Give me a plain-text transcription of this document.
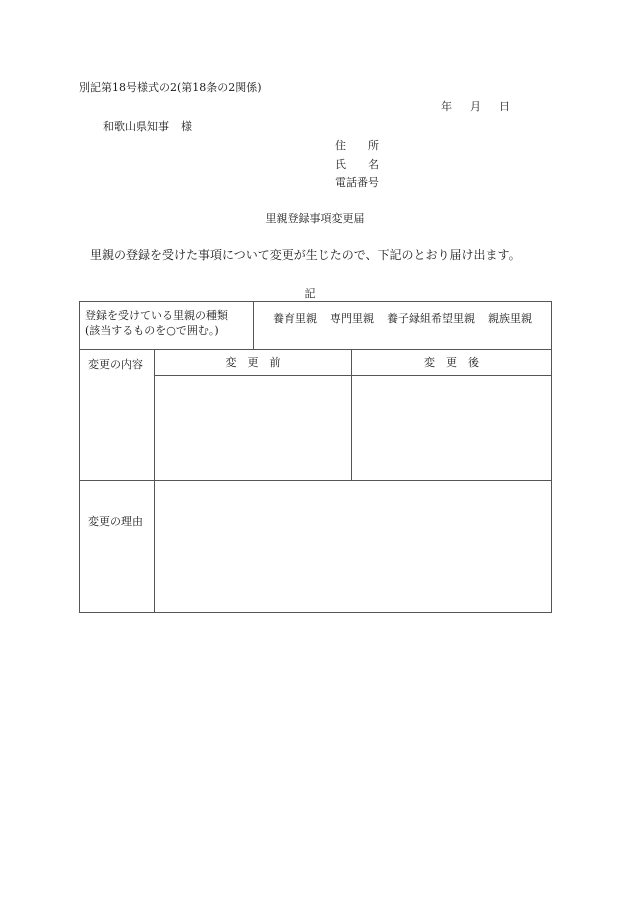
別記第18号様式の2(第18条の2関係)
年 月 日
和歌山県知事 様
住　　所
氏　　名
電話番号
里親登録事項変更届
里親の登録を受けた事項について変更が生じたので、下記のとおり届け出ます。
記
登録を受けている里親の種類
(該当するものを○で囲む。)		養育里親 専門里親 養子縁組希望里親 親族里親	
変更の内容	変　更　前		変　更　後

変更の理由			
